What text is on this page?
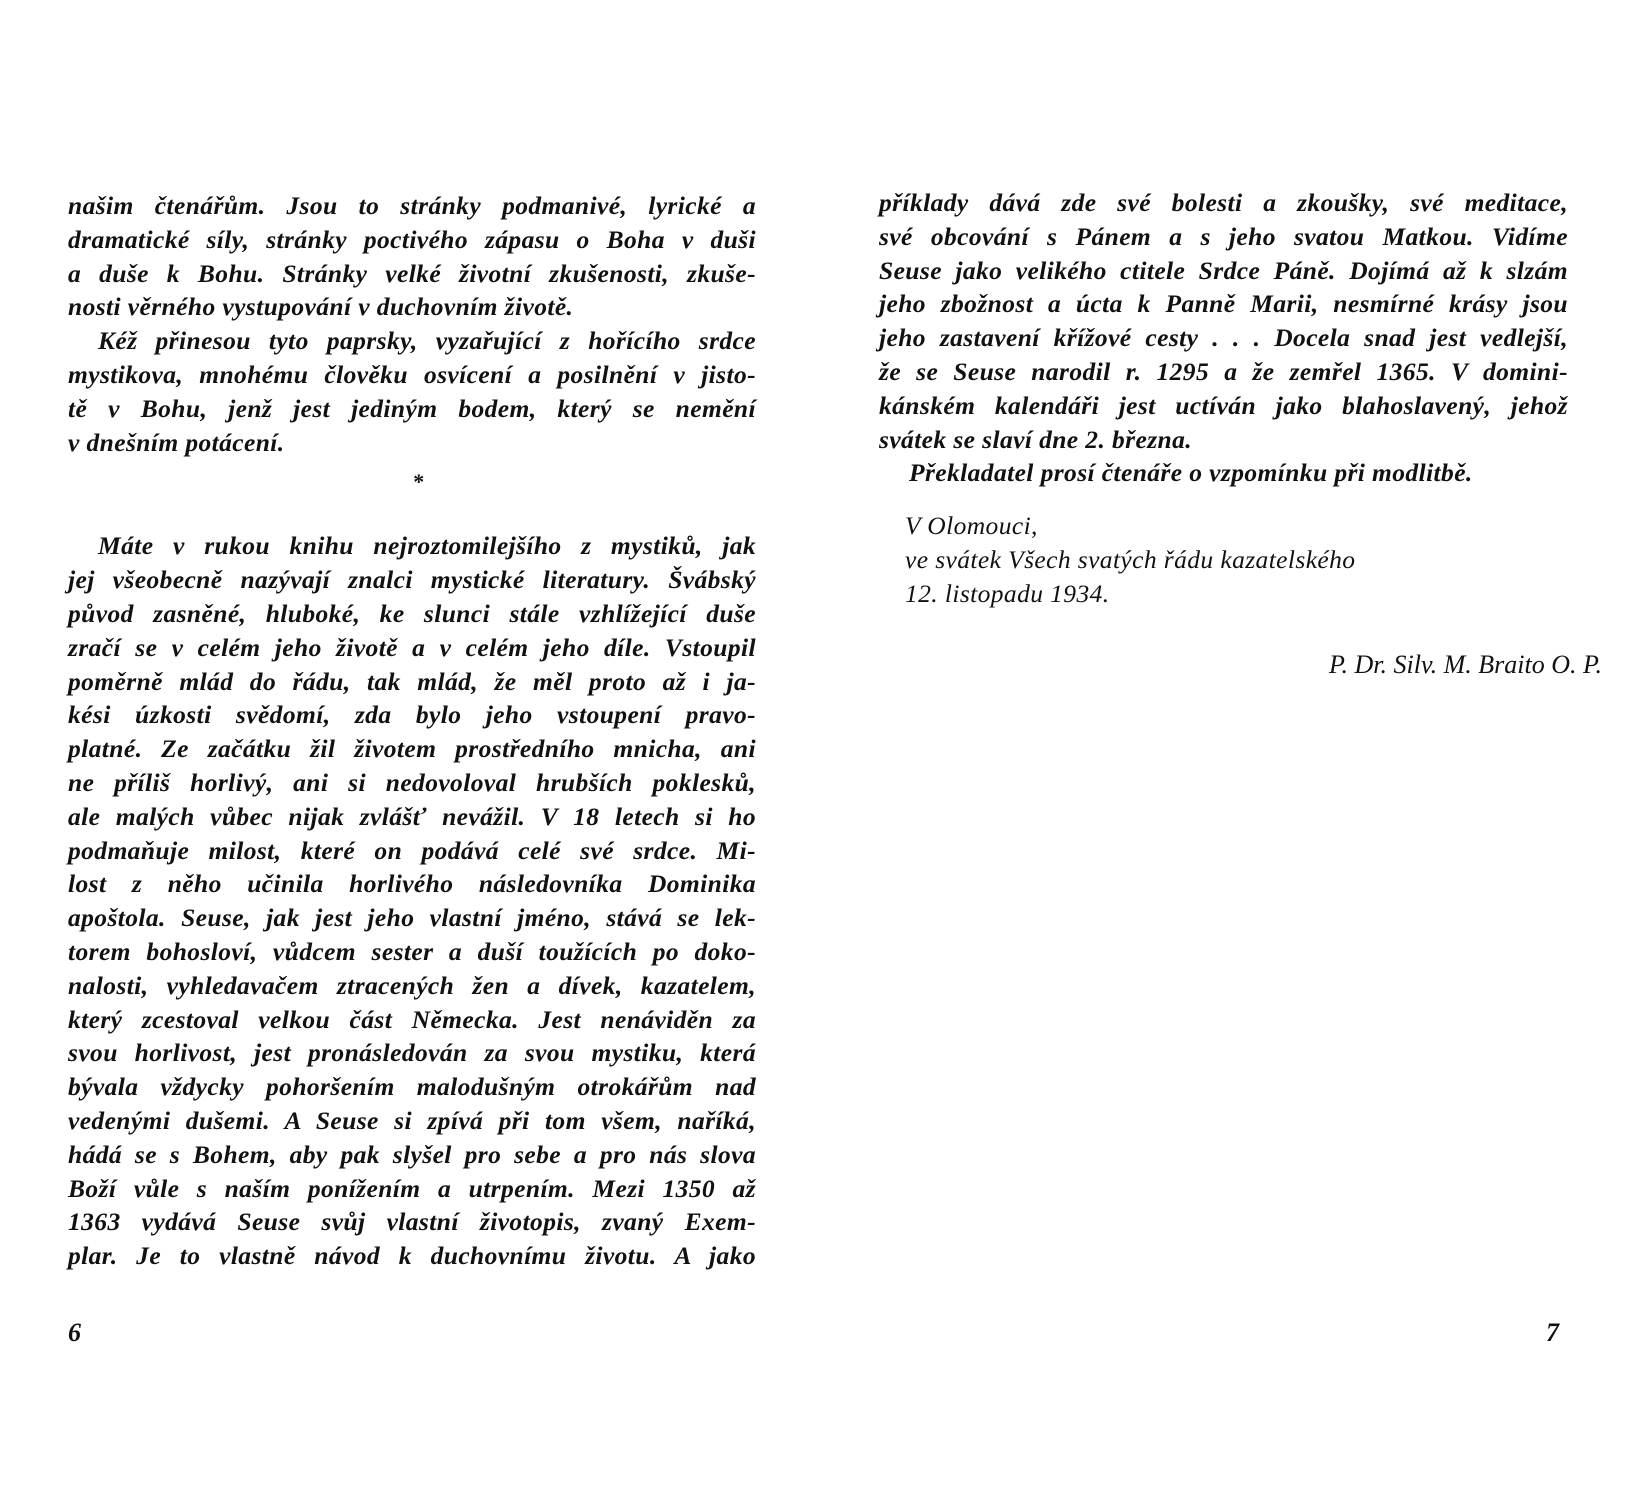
našim čtenářům. Jsou to stránky podmanivé, lyrické a
dramatické síly, stránky poctivého zápasu o Boha v duši
a duše k Bohu. Stránky velké životní zkušenosti, zkuše-
nosti věrného vystupování v duchovním životě.
Kéž přinesou tyto paprsky, vyzařující z hořícího srdce
mystikova, mnohému člověku osvícení a posilnění v jisto-
tě v Bohu, jenž jest jediným bodem, který se nemění
v dnešním potácení.
*
Máte v rukou knihu nejroztomilejšího z mystiků, jak
jej všeobecně nazývají znalci mystické literatury. Švábský
původ zasněné, hluboké, ke slunci stále vzhlížející duše
zračí se v celém jeho životě a v celém jeho díle. Vstoupil
poměrně mlád do řádu, tak mlád, že měl proto až i ja-
kési úzkosti svědomí, zda bylo jeho vstoupení pravo-
platné. Ze začátku žil životem prostředního mnicha, ani
ne příliš horlivý, ani si nedovoloval hrubších poklesků,
ale malých vůbec nijak zvlášť nevážil. V 18 letech si ho
podmaňuje milost, které on podává celé své srdce. Mi-
lost z něho učinila horlivého následovníka Dominika
apoštola. Seuse, jak jest jeho vlastní jméno, stává se lek-
torem bohosloví, vůdcem sester a duší toužících po doko-
nalosti, vyhledavačem ztracených žen a dívek, kazatelem,
který zcestoval velkou část Německa. Jest nenáviděn za
svou horlivost, jest pronásledován za svou mystiku, která
bývala vždycky pohoršením malodušným otrokářům nad
vedenými dušemi. A Seuse si zpívá při tom všem, naříká,
hádá se s Bohem, aby pak slyšel pro sebe a pro nás slova
Boží vůle s naším ponížením a utrpením. Mezi 1350 až
1363 vydává Seuse svůj vlastní životopis, zvaný Exem-
plar. Je to vlastně návod k duchovnímu životu. A jako
6
příklady dává zde své bolesti a zkoušky, své meditace,
své obcování s Pánem a s jeho svatou Matkou. Vidíme
Seuse jako velikého ctitele Srdce Páně. Dojímá až k slzám
jeho zbožnost a úcta k Panně Marii, nesmírné krásy jsou
jeho zastavení křížové cesty . . . Docela snad jest vedlejší,
že se Seuse narodil r. 1295 a že zemřel 1365. V domini-
kánském kalendáři jest uctíván jako blahoslavený, jehož
svátek se slaví dne 2. března.
Překladatel prosí čtenáře o vzpomínku při modlitbě.
V Olomouci,
ve svátek Všech svatých řádu kazatelského
12. listopadu 1934.
P. Dr. Silv. M. Braito O. P.
7
